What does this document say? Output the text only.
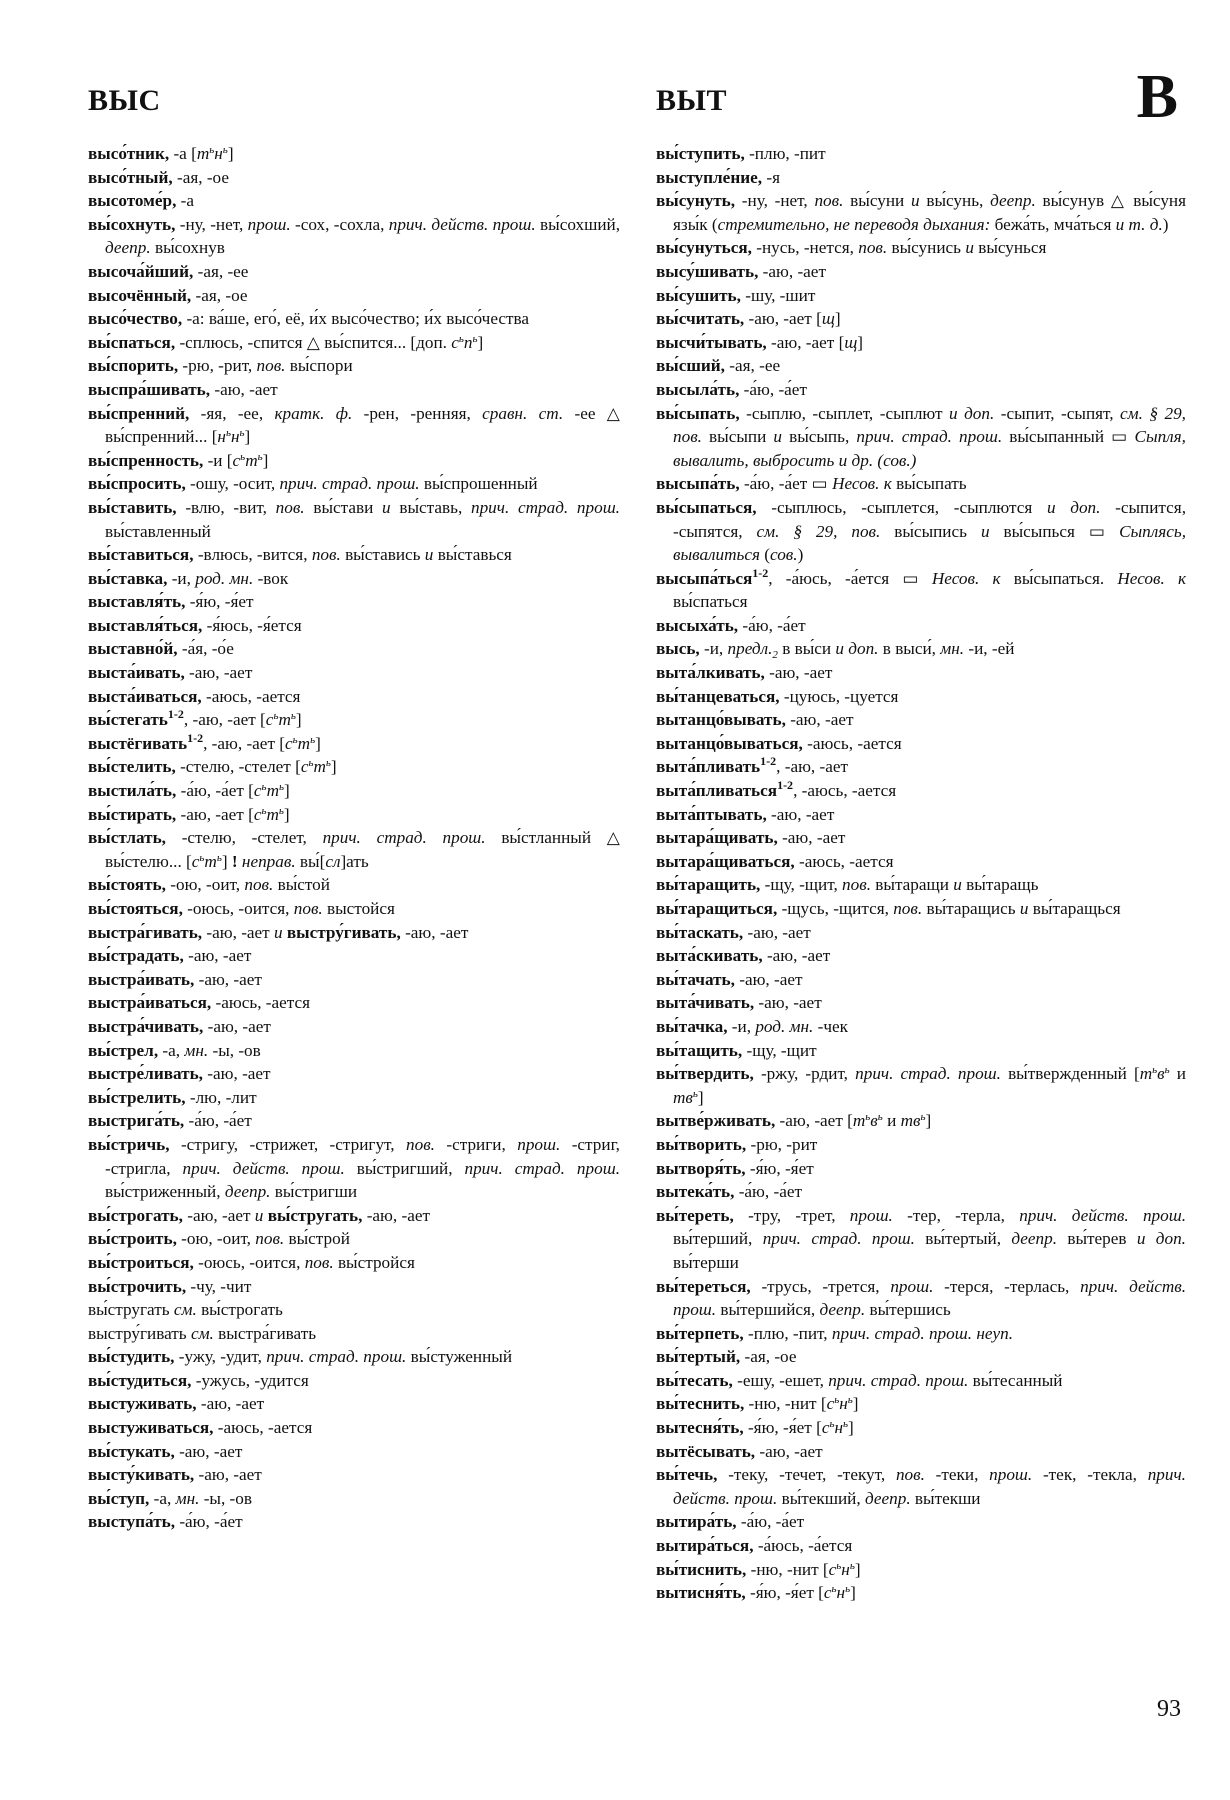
ВЫС	ВЫТ	В

высо́тник, -а $[т^ьн^ь]$

высо́тный, -ая, -ое

высотоме́р, -а

вы́сохнуть, -ну, -нет, прош. -сох, -сохла, прич. действ. прош. вы́сохший, деепр. вы́сохнув

высоча́йший, -ая, -ее

высочённый, -ая, -ое

высо́чество, -а: ва́ше, его́, её, и́х высо́чество; и́х высо́чества

вы́спаться, -сплюсь, -спится △ вы́спится... [доп. $с^ьп^ь$]

вы́спорить, -рю, -рит, пов. вы́спори

выспра́шивать, -аю, -ает

вы́спренний, -яя, -ее, кратк. ф. -рен, -ренняя, сравн. ст. -ее △ вы́спренний... $[н^ьн^ь]$

вы́спренность, -и $[с^ьт^ь]$

вы́спросить, -ошу, -осит, прич. страд. прош. вы́спрошенный

вы́ставить, -влю, -вит, пов. вы́стави и вы́ставь, прич. страд. прош. вы́ставленный

вы́ставиться, -влюсь, -вится, пов. вы́ставись и вы́ставься

вы́ставка, -и, род. мн. -вок

выставля́ть, -я́ю, -я́ет

выставля́ться, -я́юсь, -я́ется

выставно́й, -а́я, -о́е

выста́ивать, -аю, -ает

выста́иваться, -аюсь, -ается

вы́стегать$^{1-2}$, -аю, -ает $[с^ьт^ь]$

выстёгивать$^{1-2}$, -аю, -ает $[с^ьт^ь]$

вы́стелить, -стелю, -стелет $[с^ьт^ь]$

выстила́ть, -а́ю, -а́ет $[с^ьт^ь]$

вы́стирать, -аю, -ает $[с^ьт^ь]$

вы́стлать, -стелю, -стелет, прич. страд. прош. вы́стланный △ вы́стелю... $[с^ьт^ь]$ ! неправ. вы́[сл]ать

вы́стоять, -ою, -оит, пов. вы́стой

вы́стояться, -оюсь, -оится, пов. выстойся

выстра́гивать, -аю, -ает и выстру́гивать, -аю, -ает

вы́страдать, -аю, -ает

выстра́ивать, -аю, -ает

выстра́иваться, -аюсь, -ается

выстра́чивать, -аю, -ает

вы́стрел, -а, мн. -ы, -ов

выстре́ливать, -аю, -ает

вы́стрелить, -лю, -лит

выстрига́ть, -а́ю, -а́ет

вы́стричь, -стригу, -стрижет, -стригут, пов. -стриги, прош. -стриг, -стригла, прич. действ. прош. вы́стригший, прич. страд. прош. вы́стриженный, деепр. вы́стригши

вы́строгать, -аю, -ает и вы́стругать, -аю, -ает

вы́строить, -ою, -оит, пов. вы́строй

вы́строиться, -оюсь, -оится, пов. вы́стройся

вы́строчить, -чу, -чит

вы́стругать см. вы́строгать

выстру́гивать см. выстра́гивать

вы́студить, -ужу, -удит, прич. страд. прош. вы́стуженный

вы́студиться, -ужусь, -удится

выстуживать, -аю, -ает

выстуживаться, -аюсь, -ается

вы́стукать, -аю, -ает

высту́кивать, -аю, -ает

вы́ступ, -а, мн. -ы, -ов

выступа́ть, -а́ю, -а́ет

вы́ступить, -плю, -пит

выступле́ние, -я

вы́сунуть, -ну, -нет, пов. вы́суни и вы́сунь, деепр. вы́сунув △ вы́суня язы́к (стремительно, не переводя дыхания: бежа́ть, мча́ться и т. д.)

вы́сунуться, -нусь, -нется, пов. вы́сунись и вы́сунься

высу́шивать, -аю, -ает

вы́сушить, -шу, -шит

вы́считать, -аю, -ает [щ]

высчи́тывать, -аю, -ает [щ]

вы́сший, -ая, -ее

высыла́ть, -а́ю, -а́ет

вы́сыпать, -сыплю, -сыплет, -сыплют и доп. -сыпит, -сыпят, см. § 29, пов. вы́сыпи и вы́сыпь, прич. страд. прош. вы́сыпанный ▭ Сыпля, вывалить, выбросить и др. (сов.)

высыпа́ть, -а́ю, -а́ет ▭ Несов. к вы́сыпать

вы́сыпаться, -сыплюсь, -сыплется, -сыплются и доп. -сыпится, -сыпятся, см. § 29, пов. вы́сыпись и вы́сыпься ▭ Сыплясь, вывалиться (сов.)

высыпа́ться$^{1-2}$, -а́юсь, -а́ется ▭ Несов. к вы́сыпаться. Несов. к вы́спаться

высыха́ть, -а́ю, -а́ет

высь, -и, $предл._2$ в вы́си и доп. в выси́, мн. -и, -ей

выта́лкивать, -аю, -ает

вы́танцеваться, -цуюсь, -цуется

вытанцо́вывать, -аю, -ает

вытанцо́вываться, -аюсь, -ается

выта́пливать$^{1-2}$, -аю, -ает

выта́пливаться$^{1-2}$, -аюсь, -ается

выта́птывать, -аю, -ает

вытара́щивать, -аю, -ает

вытара́щиваться, -аюсь, -ается

вы́таращить, -щу, -щит, пов. вы́таращи и вы́таращь

вы́таращиться, -щусь, -щится, пов. вы́таращись и вы́таращься

вы́таскать, -аю, -ает

выта́скивать, -аю, -ает

вы́тачать, -аю, -ает

выта́чивать, -аю, -ает

вы́тачка, -и, род. мн. -чек

вы́тащить, -щу, -щит

вы́твердить, -ржу, -рдит, прич. страд. прош. вы́твержденный [$т^ьв^ь$ и $тв^ь$]

вытве́рживать, -аю, -ает [$т^ьв^ь$ и $тв^ь$]

вы́творить, -рю, -рит

вытворя́ть, -я́ю, -я́ет

вытека́ть, -а́ю, -а́ет

вы́тереть, -тру, -трет, прош. -тер, -терла, прич. действ. прош. вы́терший, прич. страд. прош. вы́тертый, деепр. вы́терев и доп. вы́терши

вы́тереться, -трусь, -трется, прош. -терся, -терлась, прич. действ. прош. вы́тершийся, деепр. вы́тершись

вы́терпеть, -плю, -пит, прич. страд. прош. неуп.

вы́тертый, -ая, -ое

вы́тесать, -ешу, -ешет, прич. страд. прош. вы́тесанный

вы́теснить, -ню, -нит $[с^ьн^ь]$

вытесня́ть, -я́ю, -я́ет $[с^ьн^ь]$

вытёсывать, -аю, -ает

вы́течь, -теку, -течет, -текут, пов. -теки, прош. -тек, -текла, прич. действ. прош. вы́текший, деепр. вы́текши

вытира́ть, -а́ю, -а́ет

вытира́ться, -а́юсь, -а́ется

вы́тиснить, -ню, -нит $[с^ьн^ь]$

вытисня́ть, -я́ю, -я́ет $[с^ьн^ь]$

93
